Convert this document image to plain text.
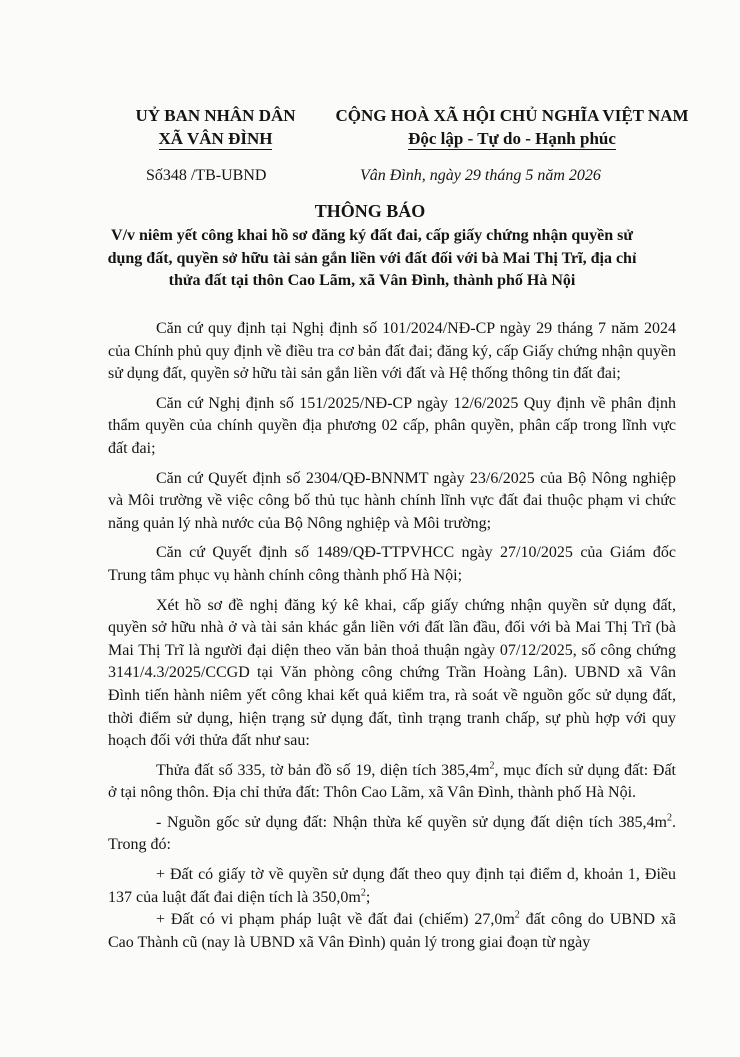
UỶ BAN NHÂN DÂN
XÃ VÂN ĐÌNH
CỘNG HOÀ XÃ HỘI CHỦ NGHĨA VIỆT NAM
Độc lập - Tự do - Hạnh phúc
Số348 /TB-UBND	Vân Đình, ngày 29 tháng 5 năm 2026
THÔNG BÁO
V/v niêm yết công khai hồ sơ đăng ký đất đai, cấp giấy chứng nhận quyền sử dụng đất, quyền sở hữu tài sản gắn liền với đất đối với bà Mai Thị Trĩ, địa chỉ thửa đất tại thôn Cao Lãm, xã Vân Đình, thành phố Hà Nội

Căn cứ quy định tại Nghị định số 101/2024/NĐ-CP ngày 29 tháng 7 năm 2024 của Chính phủ quy định về điều tra cơ bản đất đai; đăng ký, cấp Giấy chứng nhận quyền sử dụng đất, quyền sở hữu tài sản gắn liền với đất và Hệ thống thông tin đất đai;

Căn cứ Nghị định số 151/2025/NĐ-CP ngày 12/6/2025 Quy định về phân định thẩm quyền của chính quyền địa phương 02 cấp, phân quyền, phân cấp trong lĩnh vực đất đai;

Căn cứ Quyết định số 2304/QĐ-BNNMT ngày 23/6/2025 của Bộ Nông nghiệp và Môi trường về việc công bố thủ tục hành chính lĩnh vực đất đai thuộc phạm vi chức năng quản lý nhà nước của Bộ Nông nghiệp và Môi trường;

Căn cứ Quyết định số 1489/QĐ-TTPVHCC ngày 27/10/2025 của Giám đốc Trung tâm phục vụ hành chính công thành phố Hà Nội;

Xét hồ sơ đề nghị đăng ký kê khai, cấp giấy chứng nhận quyền sử dụng đất, quyền sở hữu nhà ở và tài sản khác gắn liền với đất lần đầu, đối với bà Mai Thị Trĩ (bà Mai Thị Trĩ là người đại diện theo văn bản thoả thuận ngày 07/12/2025, số công chứng 3141/4.3/2025/CCGD tại Văn phòng công chứng Trần Hoàng Lân). UBND xã Vân Đình tiến hành niêm yết công khai kết quả kiểm tra, rà soát về nguồn gốc sử dụng đất, thời điểm sử dụng, hiện trạng sử dụng đất, tình trạng tranh chấp, sự phù hợp với quy hoạch đối với thửa đất như sau:

Thửa đất số 335, tờ bản đồ số 19, diện tích $385,4m^2$, mục đích sử dụng đất: Đất ở tại nông thôn. Địa chỉ thửa đất: Thôn Cao Lãm, xã Vân Đình, thành phố Hà Nội.

- Nguồn gốc sử dụng đất: Nhận thừa kế quyền sử dụng đất diện tích $385,4m^2$. Trong đó:

+ Đất có giấy tờ về quyền sử dụng đất theo quy định tại điểm d, khoản 1, Điều 137 của luật đất đai diện tích là $350,0m^2$;

+ Đất có vi phạm pháp luật về đất đai (chiếm) $27,0m^2$ đất công do UBND xã Cao Thành cũ (nay là UBND xã Vân Đình) quản lý trong giai đoạn từ ngày
